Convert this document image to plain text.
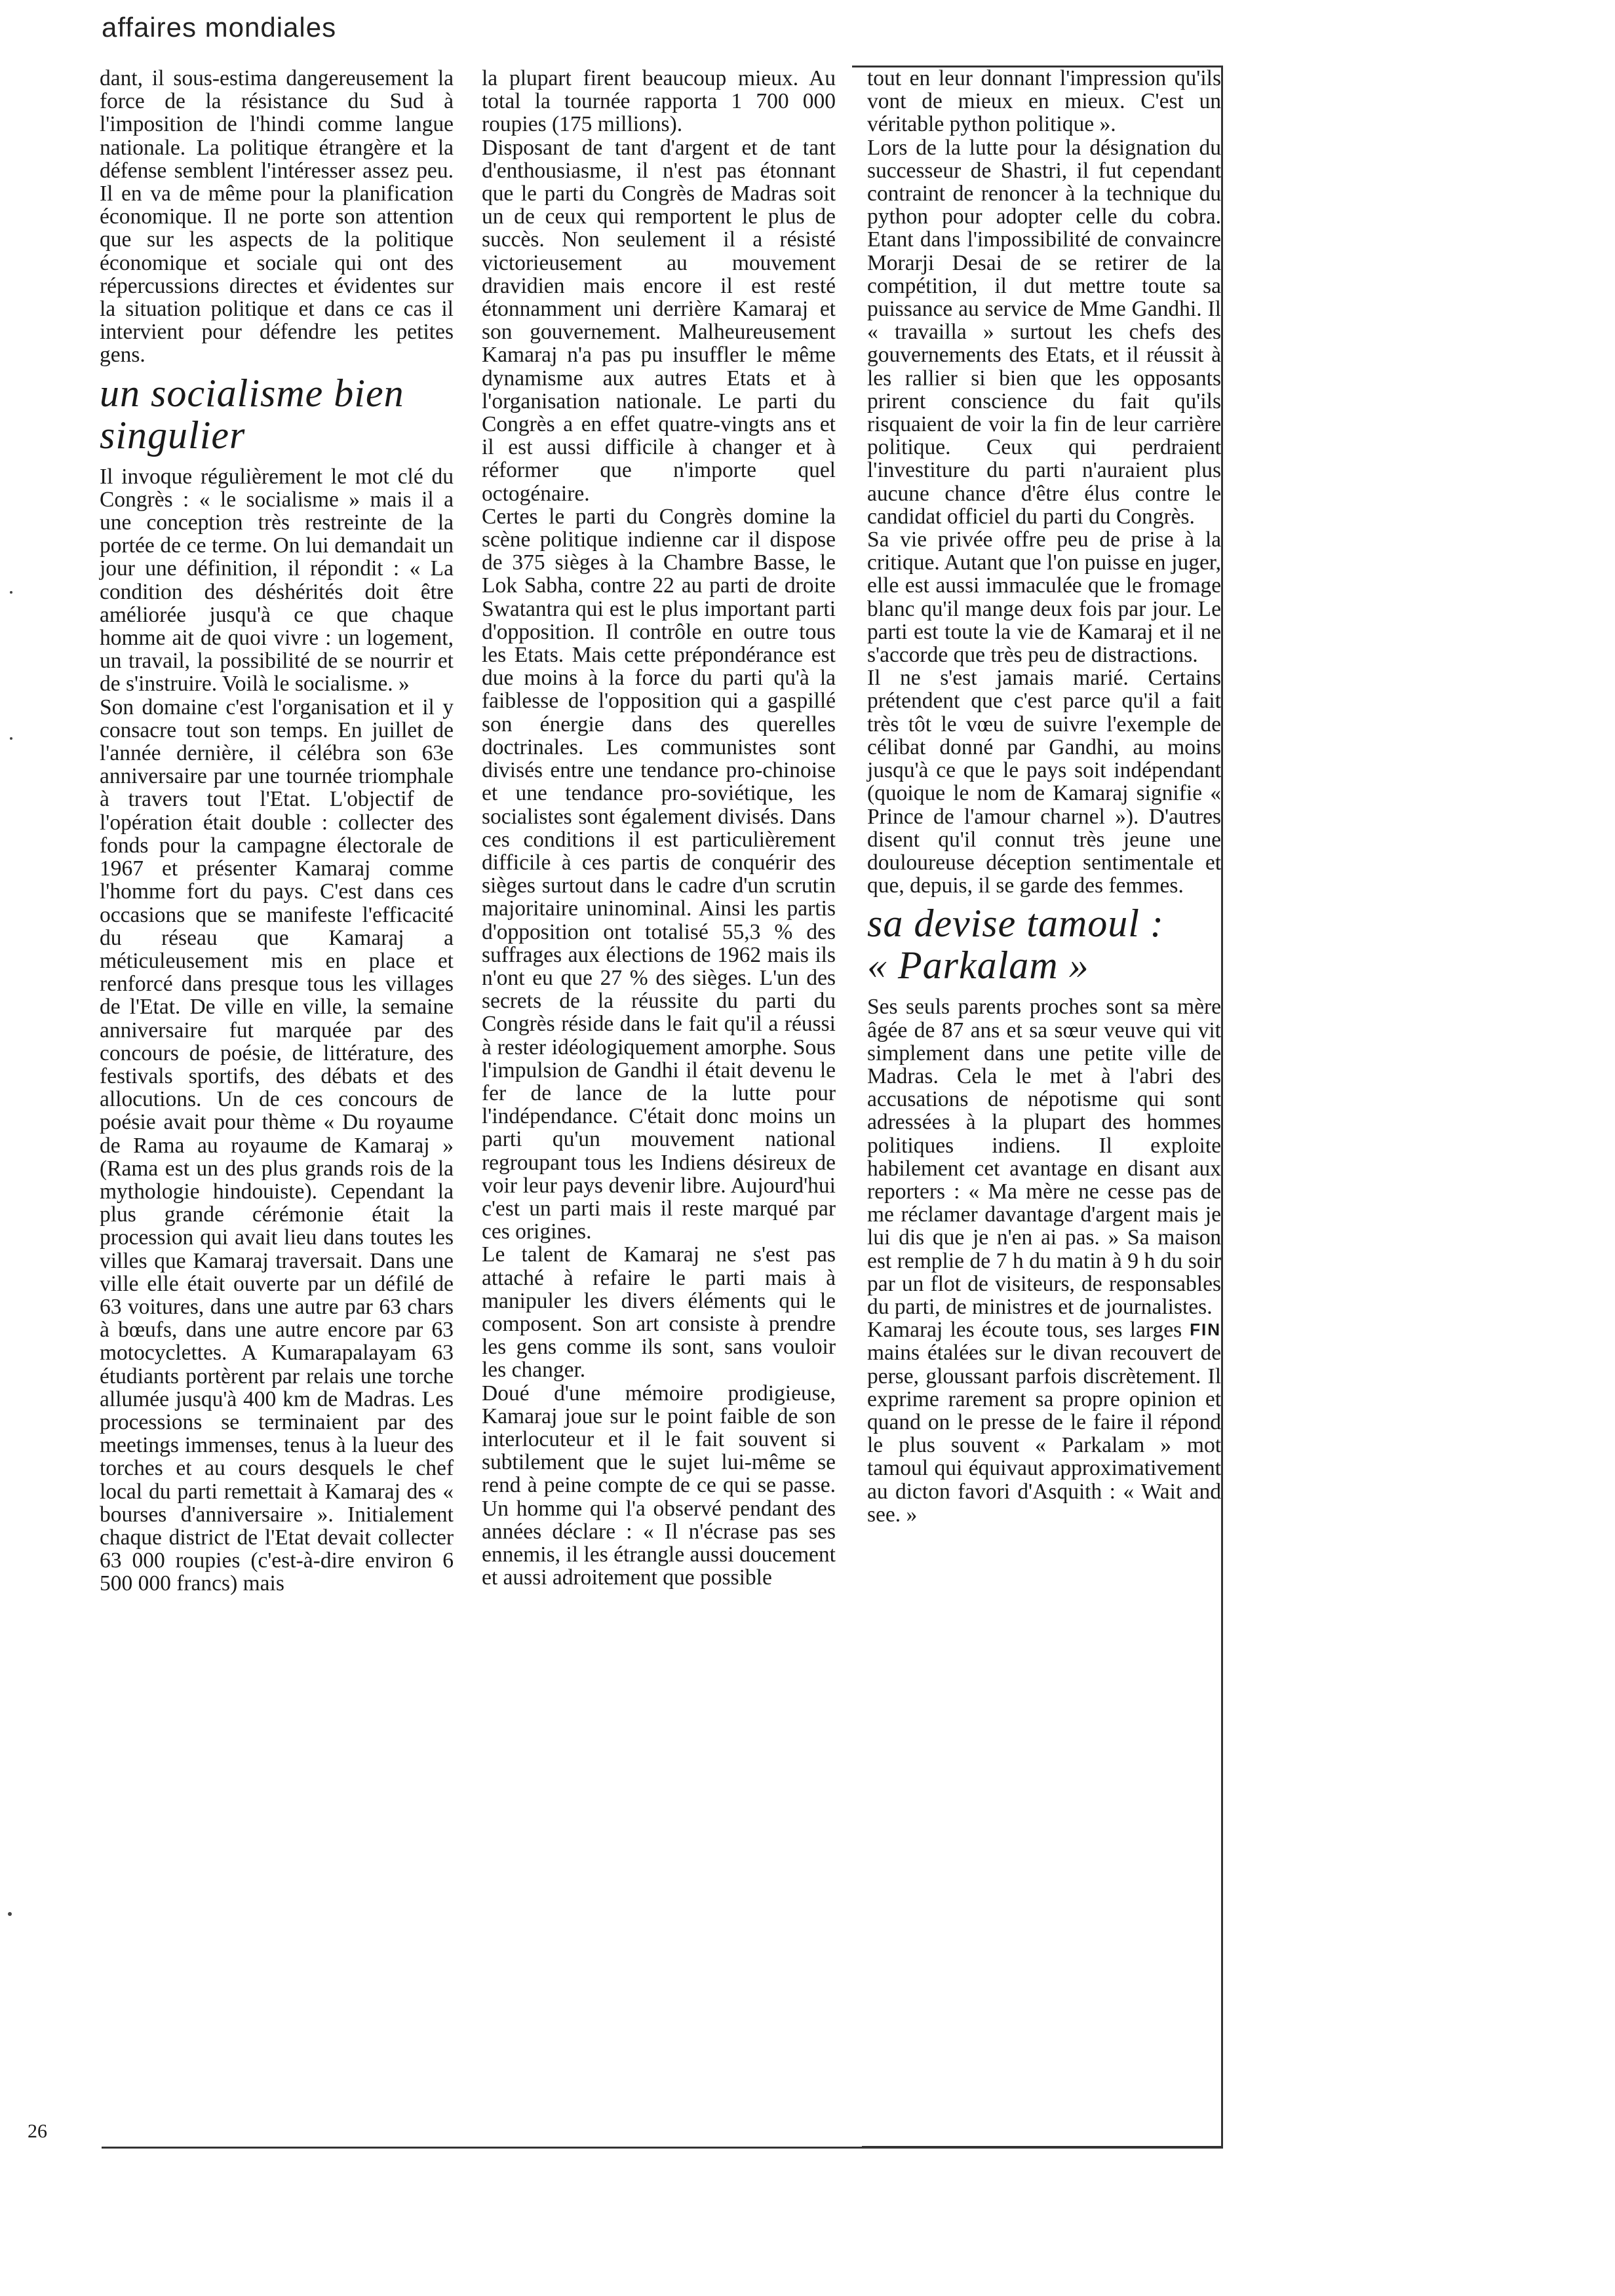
affaires mondiales

dant, il sous-estima dangereusement la force de la résistance du Sud à l'imposition de l'hindi comme langue nationale. La politique étrangère et la défense semblent l'intéresser assez peu. Il en va de même pour la planification économique. Il ne porte son attention que sur les aspects de la politique économique et sociale qui ont des répercussions directes et évidentes sur la situation politique et dans ce cas il intervient pour défendre les petites gens.

un socialisme bien singulier

Il invoque régulièrement le mot clé du Congrès : « le socialisme » mais il a une conception très restreinte de la portée de ce terme. On lui demandait un jour une définition, il répondit : « La condition des déshérités doit être améliorée jusqu'à ce que chaque homme ait de quoi vivre : un logement, un travail, la possibilité de se nourrir et de s'instruire. Voilà le socialisme. »

Son domaine c'est l'organisation et il y consacre tout son temps. En juillet de l'année dernière, il célébra son 63e anniversaire par une tournée triomphale à travers tout l'Etat. L'objectif de l'opération était double : collecter des fonds pour la campagne électorale de 1967 et présenter Kamaraj comme l'homme fort du pays. C'est dans ces occasions que se manifeste l'efficacité du réseau que Kamaraj a méticuleusement mis en place et renforcé dans presque tous les villages de l'Etat. De ville en ville, la semaine anniversaire fut marquée par des concours de poésie, de littérature, des festivals sportifs, des débats et des allocutions. Un de ces concours de poésie avait pour thème « Du royaume de Rama au royaume de Kamaraj » (Rama est un des plus grands rois de la mythologie hindouiste). Cependant la plus grande cérémonie était la procession qui avait lieu dans toutes les villes que Kamaraj traversait. Dans une ville elle était ouverte par un défilé de 63 voitures, dans une autre par 63 chars à bœufs, dans une autre encore par 63 motocyclettes. A Kumarapalayam 63 étudiants portèrent par relais une torche allumée jusqu'à 400 km de Madras. Les processions se terminaient par des meetings immenses, tenus à la lueur des torches et au cours desquels le chef local du parti remettait à Kamaraj des « bourses d'anniversaire ». Initialement chaque district de l'Etat devait collecter 63 000 roupies (c'est-à-dire environ 6 500 000 francs) mais

la plupart firent beaucoup mieux. Au total la tournée rapporta 1 700 000 roupies (175 millions).

Disposant de tant d'argent et de tant d'enthousiasme, il n'est pas étonnant que le parti du Congrès de Madras soit un de ceux qui remportent le plus de succès. Non seulement il a résisté victorieusement au mouvement dravidien mais encore il est resté étonnamment uni derrière Kamaraj et son gouvernement. Malheureusement Kamaraj n'a pas pu insuffler le même dynamisme aux autres Etats et à l'organisation nationale. Le parti du Congrès a en effet quatre-vingts ans et il est aussi difficile à changer et à réformer que n'importe quel octogénaire.

Certes le parti du Congrès domine la scène politique indienne car il dispose de 375 sièges à la Chambre Basse, le Lok Sabha, contre 22 au parti de droite Swatantra qui est le plus important parti d'opposition. Il contrôle en outre tous les Etats. Mais cette prépondérance est due moins à la force du parti qu'à la faiblesse de l'opposition qui a gaspillé son énergie dans des querelles doctrinales. Les communistes sont divisés entre une tendance pro-chinoise et une tendance pro-soviétique, les socialistes sont également divisés. Dans ces conditions il est particulièrement difficile à ces partis de conquérir des sièges surtout dans le cadre d'un scrutin majoritaire uninominal. Ainsi les partis d'opposition ont totalisé 55,3 % des suffrages aux élections de 1962 mais ils n'ont eu que 27 % des sièges. L'un des secrets de la réussite du parti du Congrès réside dans le fait qu'il a réussi à rester idéologiquement amorphe. Sous l'impulsion de Gandhi il était devenu le fer de lance de la lutte pour l'indépendance. C'était donc moins un parti qu'un mouvement national regroupant tous les Indiens désireux de voir leur pays devenir libre. Aujourd'hui c'est un parti mais il reste marqué par ces origines.

Le talent de Kamaraj ne s'est pas attaché à refaire le parti mais à manipuler les divers éléments qui le composent. Son art consiste à prendre les gens comme ils sont, sans vouloir les changer.

Doué d'une mémoire prodigieuse, Kamaraj joue sur le point faible de son interlocuteur et il le fait souvent si subtilement que le sujet lui-même se rend à peine compte de ce qui se passe. Un homme qui l'a observé pendant des années déclare : « Il n'écrase pas ses ennemis, il les étrangle aussi doucement et aussi adroitement que possible

tout en leur donnant l'impression qu'ils vont de mieux en mieux. C'est un véritable python politique ».

Lors de la lutte pour la désignation du successeur de Shastri, il fut cependant contraint de renoncer à la technique du python pour adopter celle du cobra. Etant dans l'impossibilité de convaincre Morarji Desai de se retirer de la compétition, il dut mettre toute sa puissance au service de Mme Gandhi. Il « travailla » surtout les chefs des gouvernements des Etats, et il réussit à les rallier si bien que les opposants prirent conscience du fait qu'ils risquaient de voir la fin de leur carrière politique. Ceux qui perdraient l'investiture du parti n'auraient plus aucune chance d'être élus contre le candidat officiel du parti du Congrès.

Sa vie privée offre peu de prise à la critique. Autant que l'on puisse en juger, elle est aussi immaculée que le fromage blanc qu'il mange deux fois par jour. Le parti est toute la vie de Kamaraj et il ne s'accorde que très peu de distractions.

Il ne s'est jamais marié. Certains prétendent que c'est parce qu'il a fait très tôt le vœu de suivre l'exemple de célibat donné par Gandhi, au moins jusqu'à ce que le pays soit indépendant (quoique le nom de Kamaraj signifie « Prince de l'amour charnel »). D'autres disent qu'il connut très jeune une douloureuse déception sentimentale et que, depuis, il se garde des femmes.

sa devise tamoul :
« Parkalam »

Ses seuls parents proches sont sa mère âgée de 87 ans et sa sœur veuve qui vit simplement dans une petite ville de Madras. Cela le met à l'abri des accusations de népotisme qui sont adressées à la plupart des hommes politiques indiens. Il exploite habilement cet avantage en disant aux reporters : « Ma mère ne cesse pas de me réclamer davantage d'argent mais je lui dis que je n'en ai pas. » Sa maison est remplie de 7 h du matin à 9 h du soir par un flot de visiteurs, de responsables du parti, de ministres et de journalistes.

FIN
Kamaraj les écoute tous, ses larges mains étalées sur le divan recouvert de perse, gloussant parfois discrètement. Il exprime rarement sa propre opinion et quand on le presse de le faire il répond le plus souvent « Parkalam » mot tamoul qui équivaut approximativement au dicton favori d'Asquith : « Wait and see. »

26
